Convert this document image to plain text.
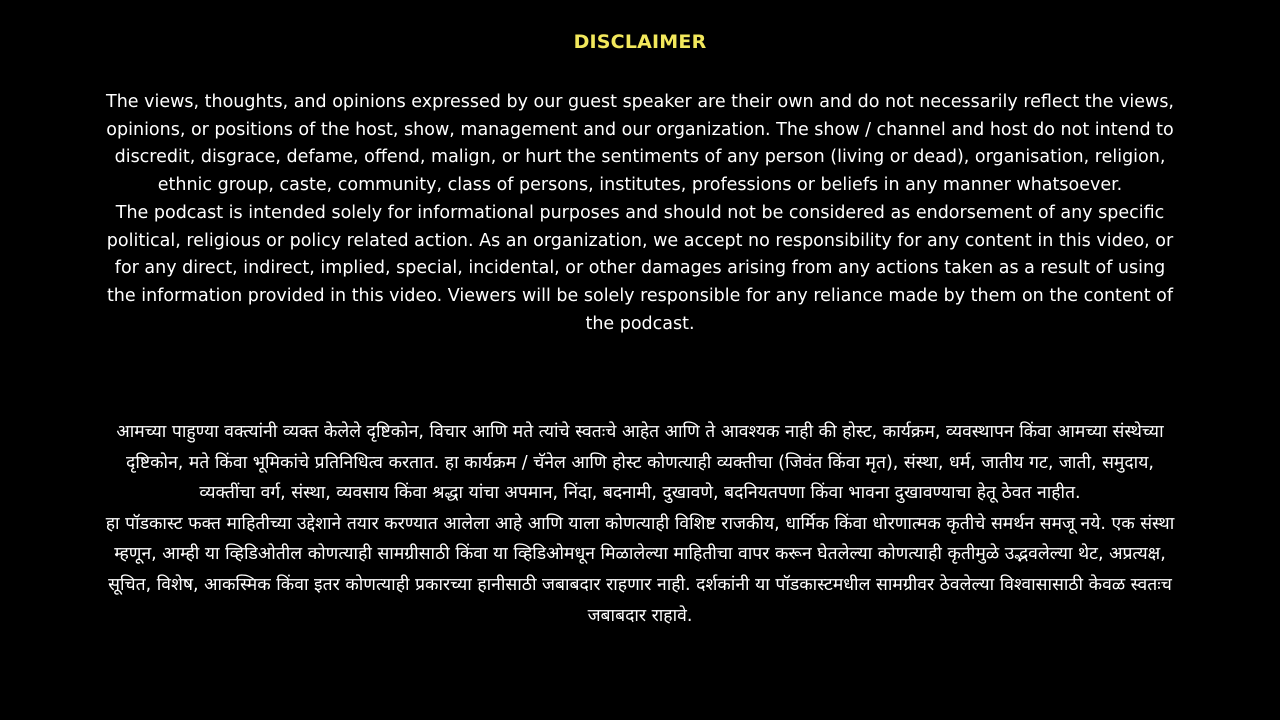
DISCLAIMER

The views, thoughts, and opinions expressed by our guest speaker are their own and do not necessarily reflect the views, opinions, or positions of the host, show, management and our organization. The show / channel and host do not intend to discredit, disgrace, defame, offend, malign, or hurt the sentiments of any person (living or dead), organisation, religion, ethnic group, caste, community, class of persons, institutes, professions or beliefs in any manner whatsoever.

The podcast is intended solely for informational purposes and should not be considered as endorsement of any specific political, religious or policy related action. As an organization, we accept no responsibility for any content in this video, or for any direct, indirect, implied, special, incidental, or other damages arising from any actions taken as a result of using the information provided in this video. Viewers will be solely responsible for any reliance made by them on the content of the podcast.

आमच्या पाहुण्या वक्त्यांनी व्यक्त केलेले दृष्टिकोन, विचार आणि मते त्यांचे स्वतःचे आहेत आणि ते आवश्यक नाही की होस्ट, कार्यक्रम, व्यवस्थापन किंवा आमच्या संस्थेच्या दृष्टिकोन, मते किंवा भूमिकांचे प्रतिनिधित्व करतात. हा कार्यक्रम / चॅनेल आणि होस्ट कोणत्याही व्यक्तीचा (जिवंत किंवा मृत), संस्था, धर्म, जातीय गट, जाती, समुदाय, व्यक्तींचा वर्ग, संस्था, व्यवसाय किंवा श्रद्धा यांचा अपमान, निंदा, बदनामी, दुखावणे, बदनियतपणा किंवा भावना दुखावण्याचा हेतू ठेवत नाहीत.

हा पॉडकास्ट फक्त माहितीच्या उद्देशाने तयार करण्यात आलेला आहे आणि याला कोणत्याही विशिष्ट राजकीय, धार्मिक किंवा धोरणात्मक कृतीचे समर्थन समजू नये. एक संस्था म्हणून, आम्ही या व्हिडिओतील कोणत्याही सामग्रीसाठी किंवा या व्हिडिओमधून मिळालेल्या माहितीचा वापर करून घेतलेल्या कोणत्याही कृतीमुळे उद्भवलेल्या थेट, अप्रत्यक्ष, सूचित, विशेष, आकस्मिक किंवा इतर कोणत्याही प्रकारच्या हानीसाठी जबाबदार राहणार नाही. दर्शकांनी या पॉडकास्टमधील सामग्रीवर ठेवलेल्या विश्वासासाठी केवळ स्वतःच जबाबदार राहावे.
